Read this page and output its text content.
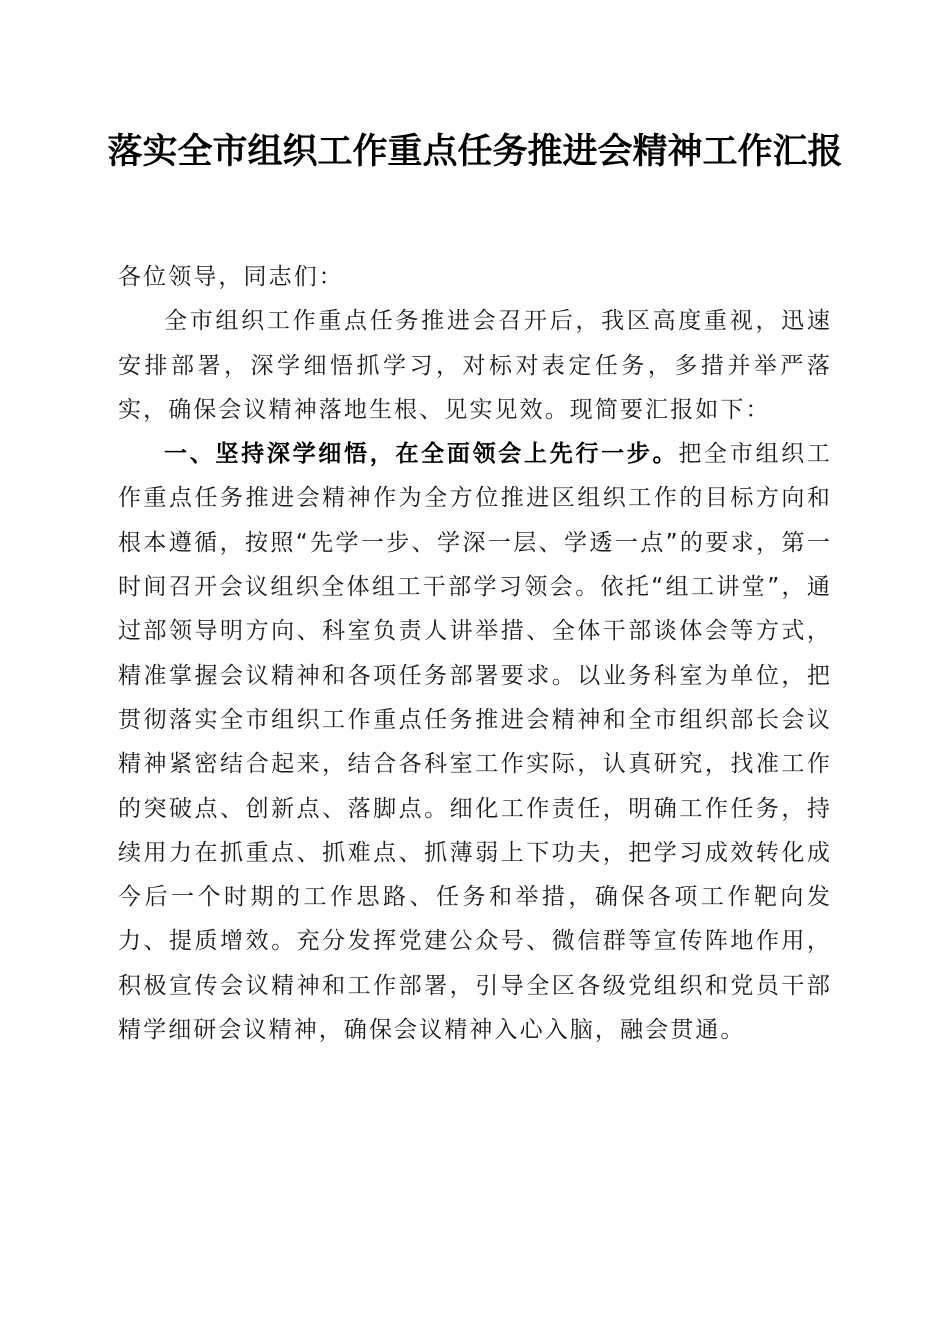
落实全市组织工作重点任务推进会精神工作汇报

各位领导，同志们：

全市组织工作重点任务推进会召开后，我区高度重视，迅速安排部署，深学细悟抓学习，对标对表定任务，多措并举严落实，确保会议精神落地生根、见实见效。现简要汇报如下：

一、坚持深学细悟，在全面领会上先行一步。把全市组织工作重点任务推进会精神作为全方位推进区组织工作的目标方向和根本遵循，按照“先学一步、学深一层、学透一点”的要求，第一时间召开会议组织全体组工干部学习领会。依托“组工讲堂”，通过部领导明方向、科室负责人讲举措、全体干部谈体会等方式，精准掌握会议精神和各项任务部署要求。以业务科室为单位，把贯彻落实全市组织工作重点任务推进会精神和全市组织部长会议精神紧密结合起来，结合各科室工作实际，认真研究，找准工作的突破点、创新点、落脚点。细化工作责任，明确工作任务，持续用力在抓重点、抓难点、抓薄弱上下功夫，把学习成效转化成今后一个时期的工作思路、任务和举措，确保各项工作靶向发力、提质增效。充分发挥党建公众号、微信群等宣传阵地作用，积极宣传会议精神和工作部署，引导全区各级党组织和党员干部精学细研会议精神，确保会议精神入心入脑，融会贯通。
